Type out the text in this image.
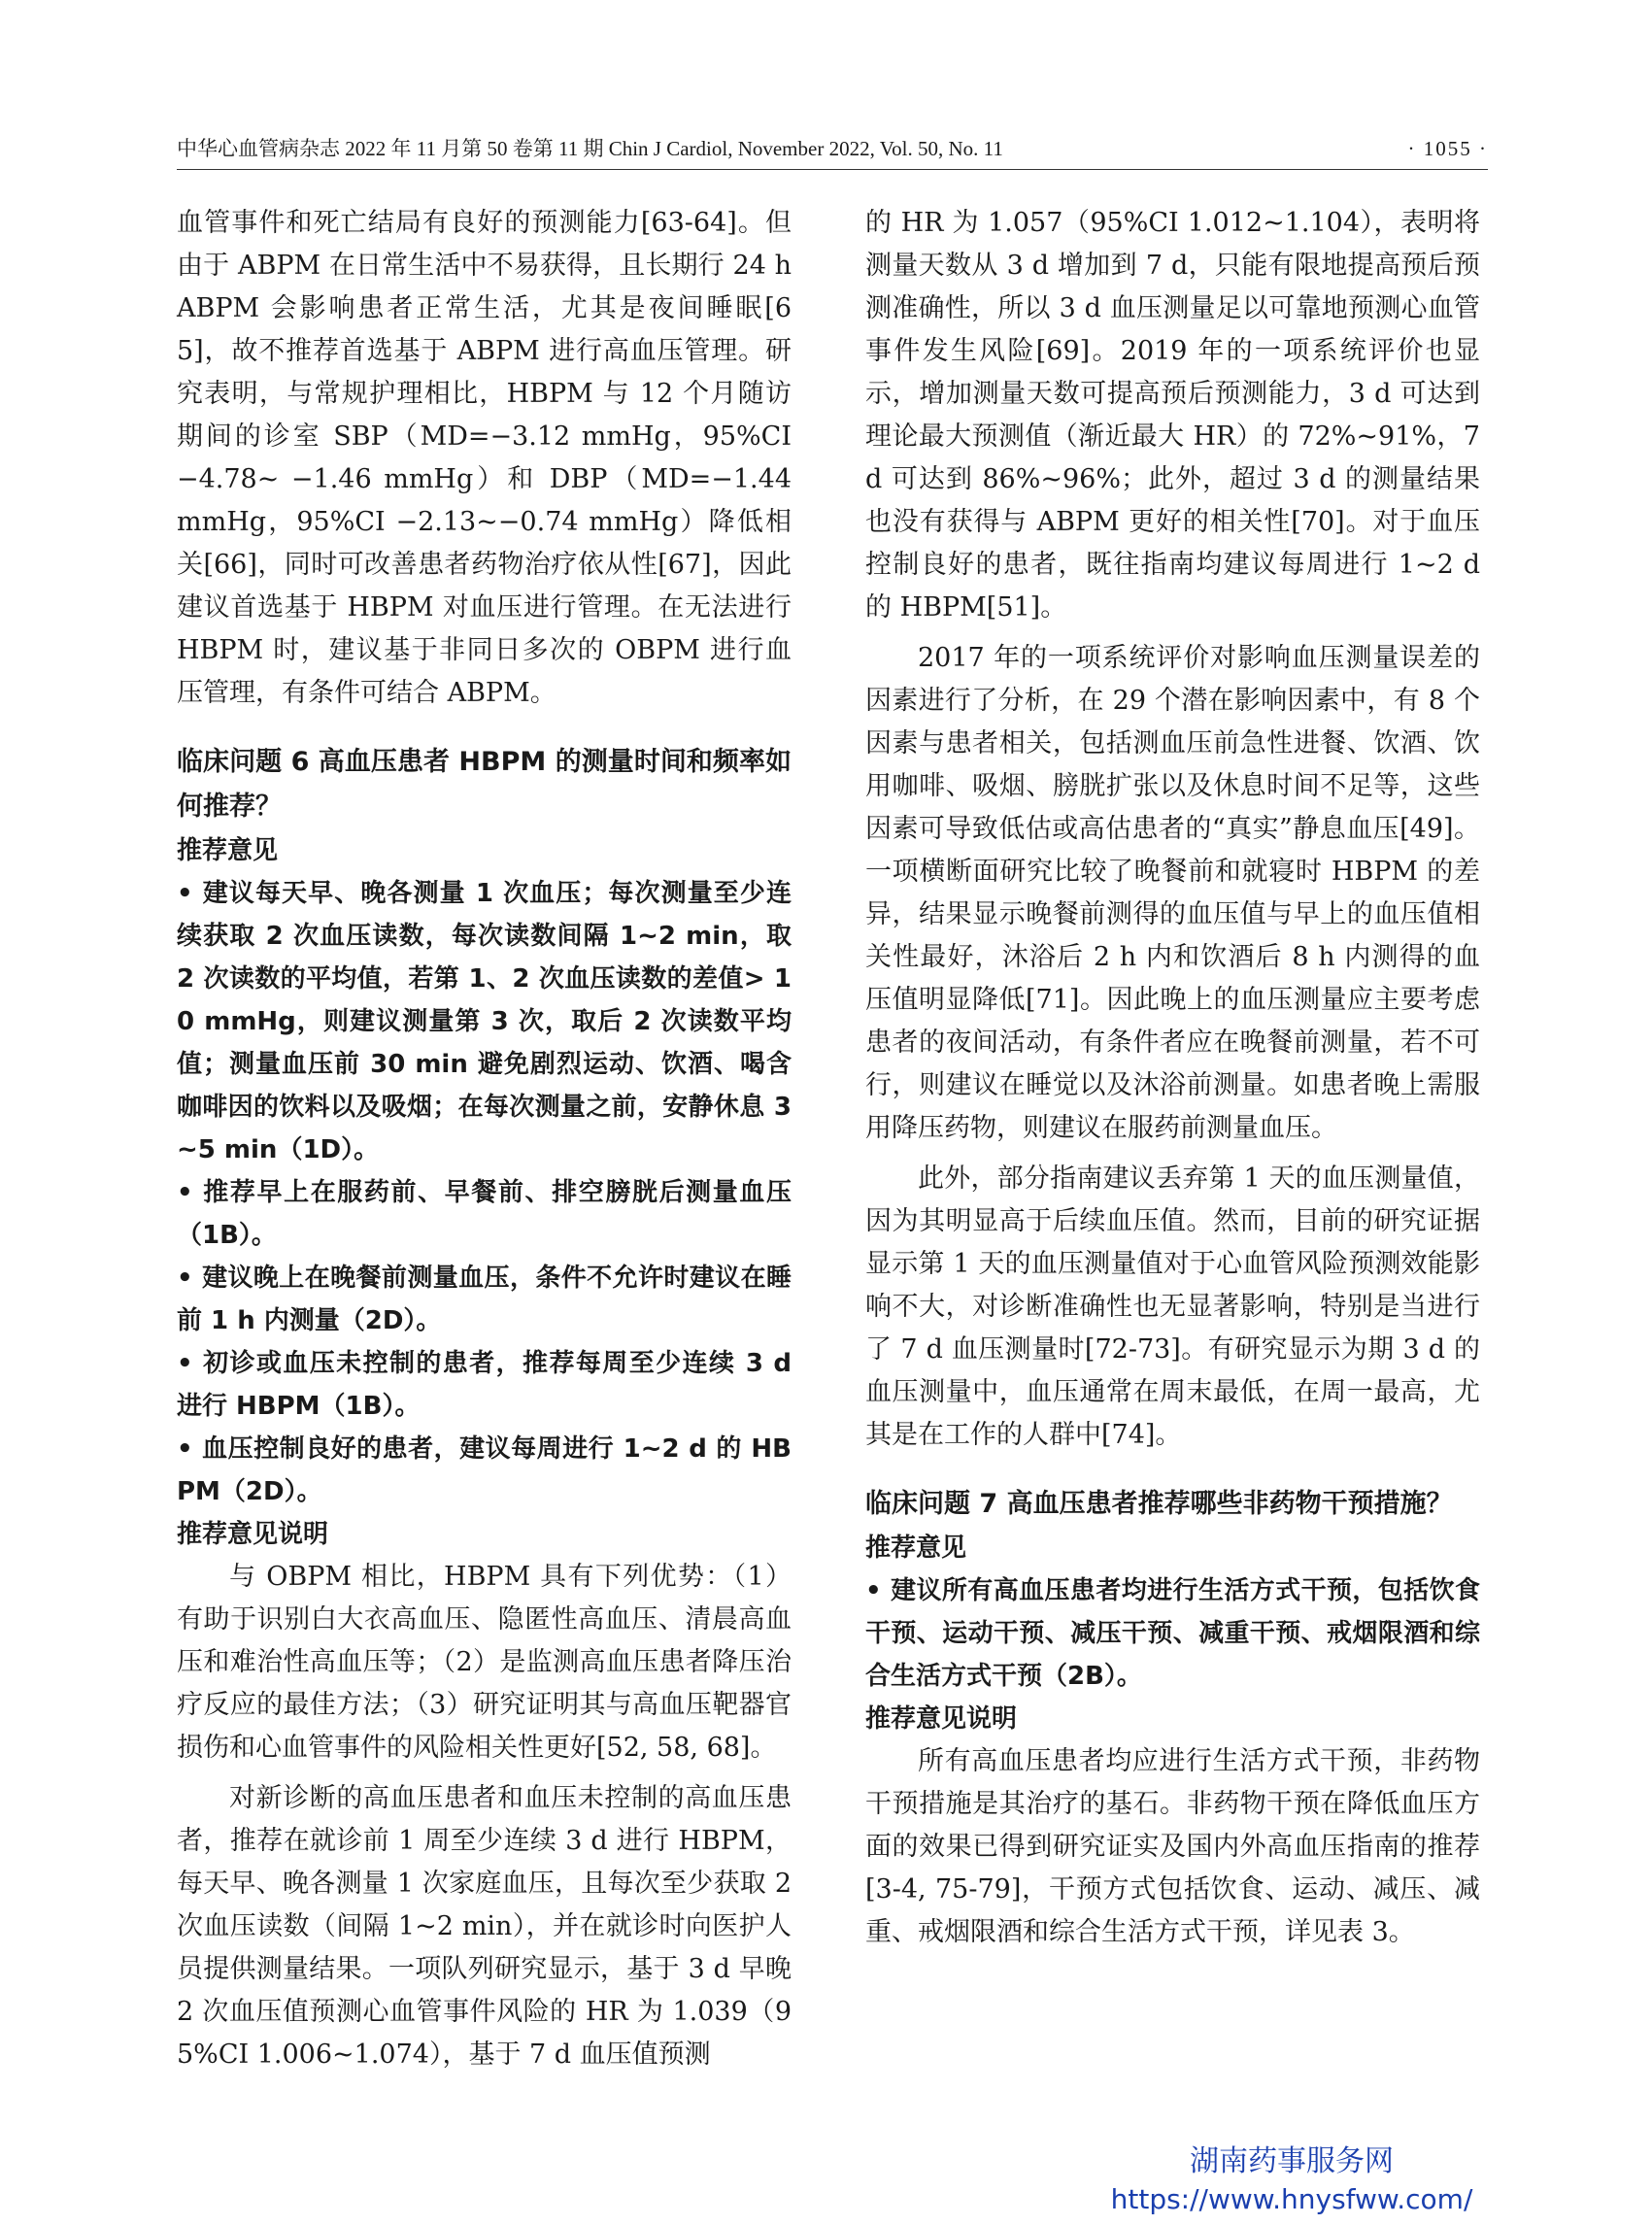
中华心血管病杂志 2022 年 11 月第 50 卷第 11 期 Chin J Cardiol, November 2022, Vol. 50, No. 11	· 1055 ·

血管事件和死亡结局有良好的预测能力[63-64]。但由于 ABPM 在日常生活中不易获得，且长期行 24 h ABPM 会影响患者正常生活，尤其是夜间睡眠[65]，故不推荐首选基于 ABPM 进行高血压管理。研究表明，与常规护理相比，HBPM 与 12 个月随访期间的诊室 SBP（MD=−3.12 mmHg，95%CI −4.78~ −1.46 mmHg）和 DBP（MD=−1.44 mmHg，95%CI −2.13~−0.74 mmHg）降低相关[66]，同时可改善患者药物治疗依从性[67]，因此建议首选基于 HBPM 对血压进行管理。在无法进行 HBPM 时，建议基于非同日多次的 OBPM 进行血压管理，有条件可结合 ABPM。

临床问题 6 高血压患者 HBPM 的测量时间和频率如何推荐？

推荐意见

• 建议每天早、晚各测量 1 次血压；每次测量至少连续获取 2 次血压读数，每次读数间隔 1~2 min，取 2 次读数的平均值，若第 1、2 次血压读数的差值> 10 mmHg，则建议测量第 3 次，取后 2 次读数平均值；测量血压前 30 min 避免剧烈运动、饮酒、喝含咖啡因的饮料以及吸烟；在每次测量之前，安静休息 3~5 min（1D）。

• 推荐早上在服药前、早餐前、排空膀胱后测量血压（1B）。

• 建议晚上在晚餐前测量血压，条件不允许时建议在睡前 1 h 内测量（2D）。

• 初诊或血压未控制的患者，推荐每周至少连续 3 d 进行 HBPM（1B）。

• 血压控制良好的患者，建议每周进行 1~2 d 的 HBPM（2D）。

推荐意见说明

与 OBPM 相比，HBPM 具有下列优势：（1）有助于识别白大衣高血压、隐匿性高血压、清晨高血压和难治性高血压等；（2）是监测高血压患者降压治疗反应的最佳方法；（3）研究证明其与高血压靶器官损伤和心血管事件的风险相关性更好[52, 58, 68]。

对新诊断的高血压患者和血压未控制的高血压患者，推荐在就诊前 1 周至少连续 3 d 进行 HBPM，每天早、晚各测量 1 次家庭血压，且每次至少获取 2 次血压读数（间隔 1~2 min），并在就诊时向医护人员提供测量结果。一项队列研究显示，基于 3 d 早晚 2 次血压值预测心血管事件风险的 HR 为 1.039（95%CI 1.006~1.074），基于 7 d 血压值预测

的 HR 为 1.057（95%CI 1.012~1.104），表明将测量天数从 3 d 增加到 7 d，只能有限地提高预后预测准确性，所以 3 d 血压测量足以可靠地预测心血管事件发生风险[69]。2019 年的一项系统评价也显示，增加测量天数可提高预后预测能力，3 d 可达到理论最大预测值（渐近最大 HR）的 72%~91%，7 d 可达到 86%~96%；此外，超过 3 d 的测量结果也没有获得与 ABPM 更好的相关性[70]。对于血压控制良好的患者，既往指南均建议每周进行 1~2 d 的 HBPM[51]。

2017 年的一项系统评价对影响血压测量误差的因素进行了分析，在 29 个潜在影响因素中，有 8 个因素与患者相关，包括测血压前急性进餐、饮酒、饮用咖啡、吸烟、膀胱扩张以及休息时间不足等，这些因素可导致低估或高估患者的“真实”静息血压[49]。一项横断面研究比较了晚餐前和就寝时 HBPM 的差异，结果显示晚餐前测得的血压值与早上的血压值相关性最好，沐浴后 2 h 内和饮酒后 8 h 内测得的血压值明显降低[71]。因此晚上的血压测量应主要考虑患者的夜间活动，有条件者应在晚餐前测量，若不可行，则建议在睡觉以及沐浴前测量。如患者晚上需服用降压药物，则建议在服药前测量血压。

此外，部分指南建议丢弃第 1 天的血压测量值，因为其明显高于后续血压值。然而，目前的研究证据显示第 1 天的血压测量值对于心血管风险预测效能影响不大，对诊断准确性也无显著影响，特别是当进行了 7 d 血压测量时[72-73]。有研究显示为期 3 d 的血压测量中，血压通常在周末最低，在周一最高，尤其是在工作的人群中[74]。

临床问题 7 高血压患者推荐哪些非药物干预措施？

推荐意见

• 建议所有高血压患者均进行生活方式干预，包括饮食干预、运动干预、减压干预、减重干预、戒烟限酒和综合生活方式干预（2B）。

推荐意见说明

所有高血压患者均应进行生活方式干预，非药物干预措施是其治疗的基石。非药物干预在降低血压方面的效果已得到研究证实及国内外高血压指南的推荐[3-4, 75-79]，干预方式包括饮食、运动、减压、减重、戒烟限酒和综合生活方式干预，详见表 3。

湖南药事服务网
https://www.hnysfww.com/
